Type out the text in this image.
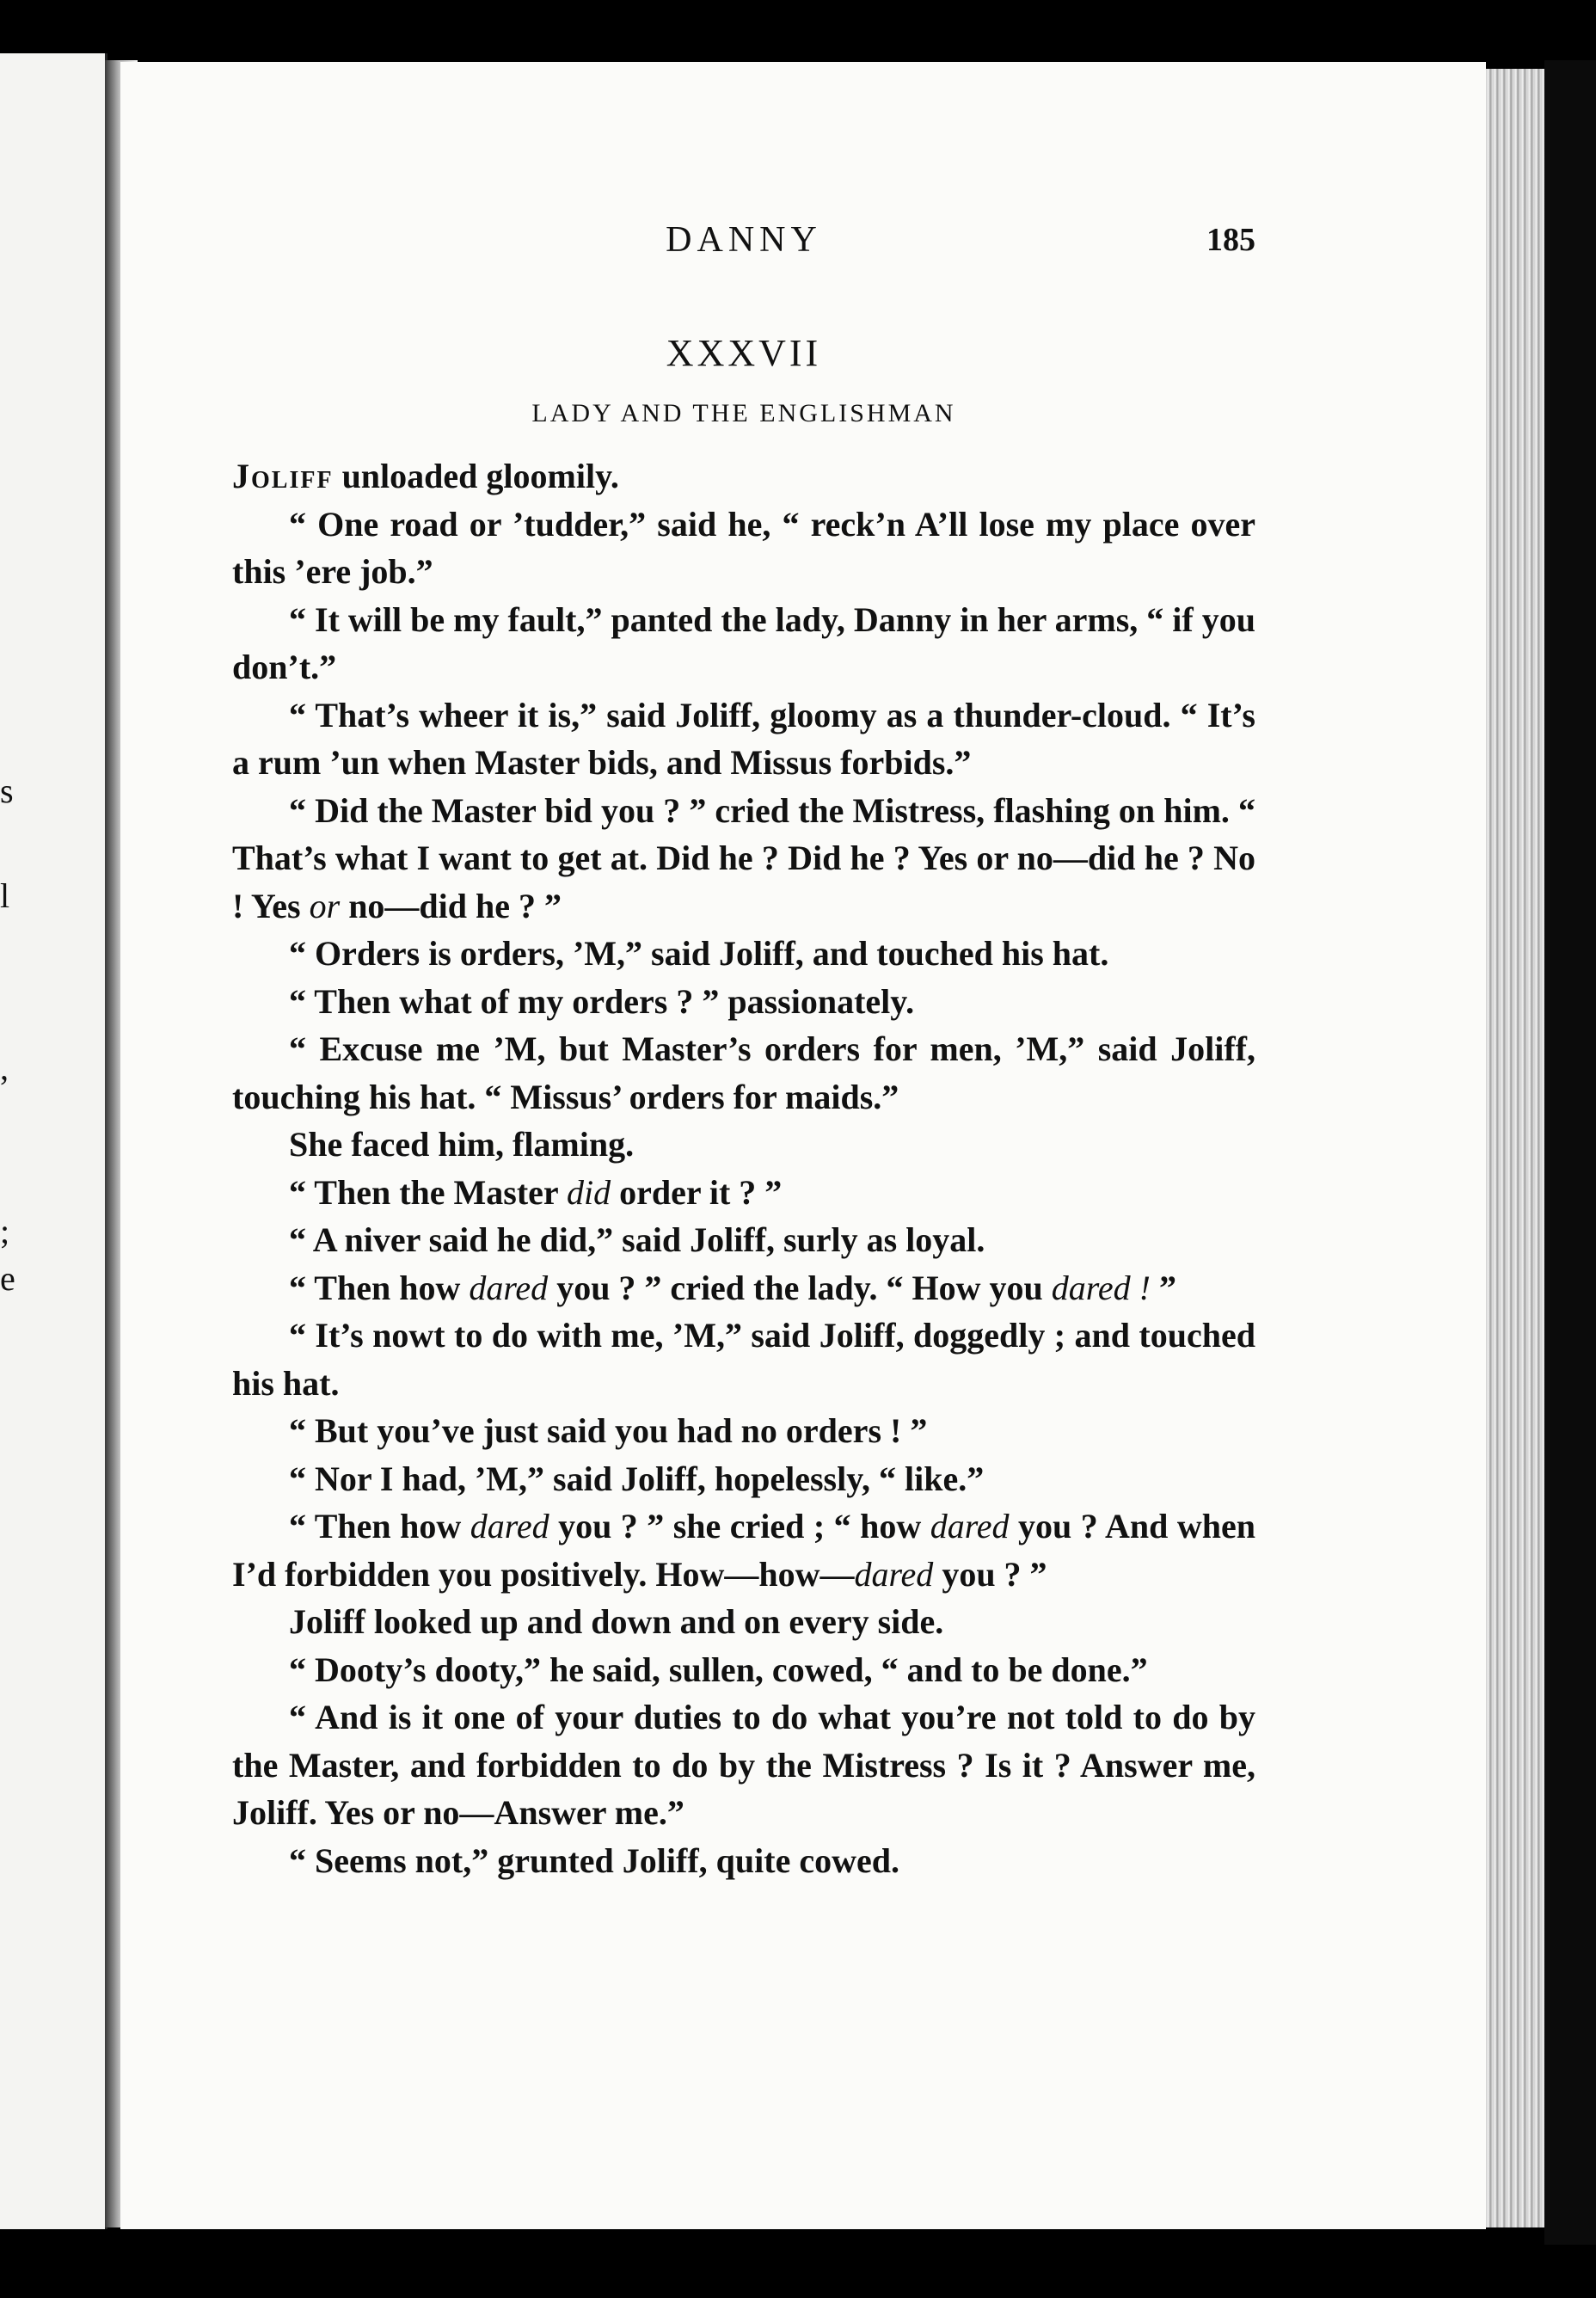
s
l
,
;
e
DANNY	185
XXXVII
LADY AND THE ENGLISHMAN

Joliff unloaded gloomily.

“ One road or ’tudder,” said he, “ reck’n A’ll lose my place over this ’ere job.”

“ It will be my fault,” panted the lady, Danny in her arms, “ if you don’t.”

“ That’s wheer it is,” said Joliff, gloomy as a thunder-cloud. “ It’s a rum ’un when Master bids, and Missus forbids.”

“ Did the Master bid you ? ” cried the Mistress, flashing on him. “ That’s what I want to get at. Did he ? Did he ? Yes or no—did he ? No ! Yes or no—did he ? ”

“ Orders is orders, ’M,” said Joliff, and touched his hat.

“ Then what of my orders ? ” passionately.

“ Excuse me ’M, but Master’s orders for men, ’M,” said Joliff, touching his hat. “ Missus’ orders for maids.”

She faced him, flaming.

“ Then the Master did order it ? ”

“ A niver said he did,” said Joliff, surly as loyal.

“ Then how dared you ? ” cried the lady. “ How you dared ! ”

“ It’s nowt to do with me, ’M,” said Joliff, doggedly ; and touched his hat.

“ But you’ve just said you had no orders ! ”

“ Nor I had, ’M,” said Joliff, hopelessly, “ like.”

“ Then how dared you ? ” she cried ; “ how dared you ? And when I’d forbidden you positively. How—how—dared you ? ”

Joliff looked up and down and on every side.

“ Dooty’s dooty,” he said, sullen, cowed, “ and to be done.”

“ And is it one of your duties to do what you’re not told to do by the Master, and forbidden to do by the Mistress ? Is it ? Answer me, Joliff. Yes or no—Answer me.”

“ Seems not,” grunted Joliff, quite cowed.
